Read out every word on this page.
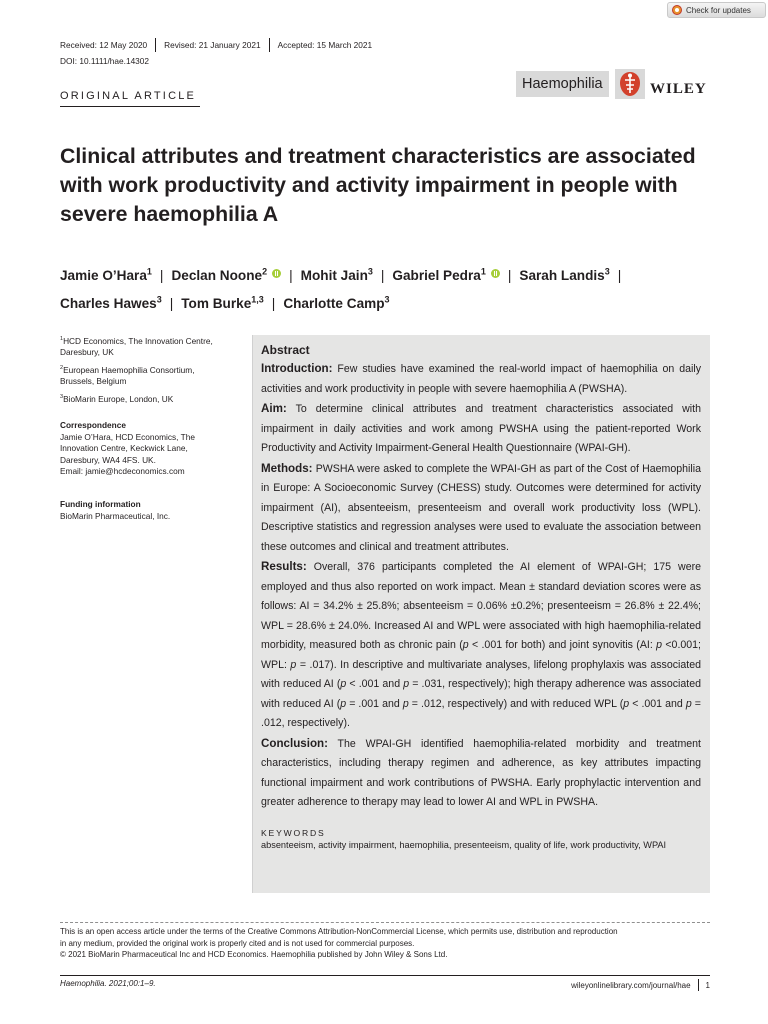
Check for updates
Received: 12 May 2020 Revised: 21 January 2021 Accepted: 15 March 2021
DOI: 10.1111/hae.14302
ORIGINAL ARTICLE
Haemophilia	WILEY
Clinical attributes and treatment characteristics are associated with work productivity and activity impairment in people with severe haemophilia A
Jamie O’Hara$^1$ | Declan Noone$^2$ | Mohit Jain$^3$ | Gabriel Pedra$^1$ | Sarah Landis$^3$ |
Charles Hawes$^3$ | Tom Burke$^{1,3}$ | Charlotte Camp$^3$
$^1$HCD Economics, The Innovation Centre,
Daresbury, UK
$^2$European Haemophilia Consortium,
Brussels, Belgium
$^3$BioMarin Europe, London, UK
Correspondence
Jamie O’Hara, HCD Economics, The
Innovation Centre, Keckwick Lane,
Daresbury, WA4 4FS. UK.
Email: jamie@hcdeconomics.com
Funding information
BioMarin Pharmaceutical, Inc.

Abstract

Introduction: Few studies have examined the real-world impact of haemophilia on daily activities and work productivity in people with severe haemophilia A (PWSHA).

Aim: To determine clinical attributes and treatment characteristics associated with impairment in daily activities and work among PWSHA using the patient-reported Work Productivity and Activity Impairment-General Health Questionnaire (WPAI-GH).

Methods: PWSHA were asked to complete the WPAI-GH as part of the Cost of Haemophilia in Europe: A Socioeconomic Survey (CHESS) study. Outcomes were determined for activity impairment (AI), absenteeism, presenteeism and overall work productivity loss (WPL). Descriptive statistics and regression analyses were used to evaluate the association between these outcomes and clinical and treatment attributes.

Results: Overall, 376 participants completed the AI element of WPAI-GH; 175 were employed and thus also reported on work impact. Mean ± standard deviation scores were as follows: AI = 34.2% ± 25.8%; absenteeism = 0.06% ±0.2%; presenteeism = 26.8% ± 22.4%; WPL = 28.6% ± 24.0%. Increased AI and WPL were associated with high haemophilia-related morbidity, measured both as chronic pain (p < .001 for both) and joint synovitis (AI: p <0.001; WPL: p = .017). In descriptive and multivariate analyses, lifelong prophylaxis was associated with reduced AI (p < .001 and p = .031, respectively); high therapy adherence was associated with reduced AI (p = .001 and p = .012, respectively) and with reduced WPL (p < .001 and p = .012, respectively).

Conclusion: The WPAI-GH identified haemophilia-related morbidity and treatment characteristics, including therapy regimen and adherence, as key attributes impacting functional impairment and work contributions of PWSHA. Early prophylactic intervention and greater adherence to therapy may lead to lower AI and WPL in PWSHA.

KEYWORDS
absenteeism, activity impairment, haemophilia, presenteeism, quality of life, work productivity, WPAI
This is an open access article under the terms of the Creative Commons Attribution-NonCommercial License, which permits use, distribution and reproduction
in any medium, provided the original work is properly cited and is not used for commercial purposes.
© 2021 BioMarin Pharmaceutical Inc and HCD Economics. Haemophilia published by John Wiley & Sons Ltd.
Haemophilia. 2021;00:1–9.	wileyonlinelibrary.com/journal/hae 1
